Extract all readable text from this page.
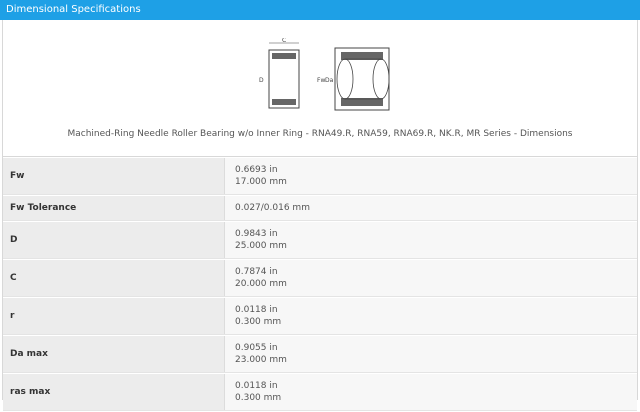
Dimensional Specifications
C
D	Fw Da
Machined-Ring Needle Roller Bearing w/o Inner Ring - RNA49.R, RNA59, RNA69.R, NK.R, MR Series - Dimensions
Fw
0.6693 in
17.000 mm
Fw Tolerance	0.027/0.016 mm
D
0.9843 in
25.000 mm
C
0.7874 in
20.000 mm
r
0.0118 in
0.300 mm
Da max
0.9055 in
23.000 mm
ras max
0.0118 in
0.300 mm
